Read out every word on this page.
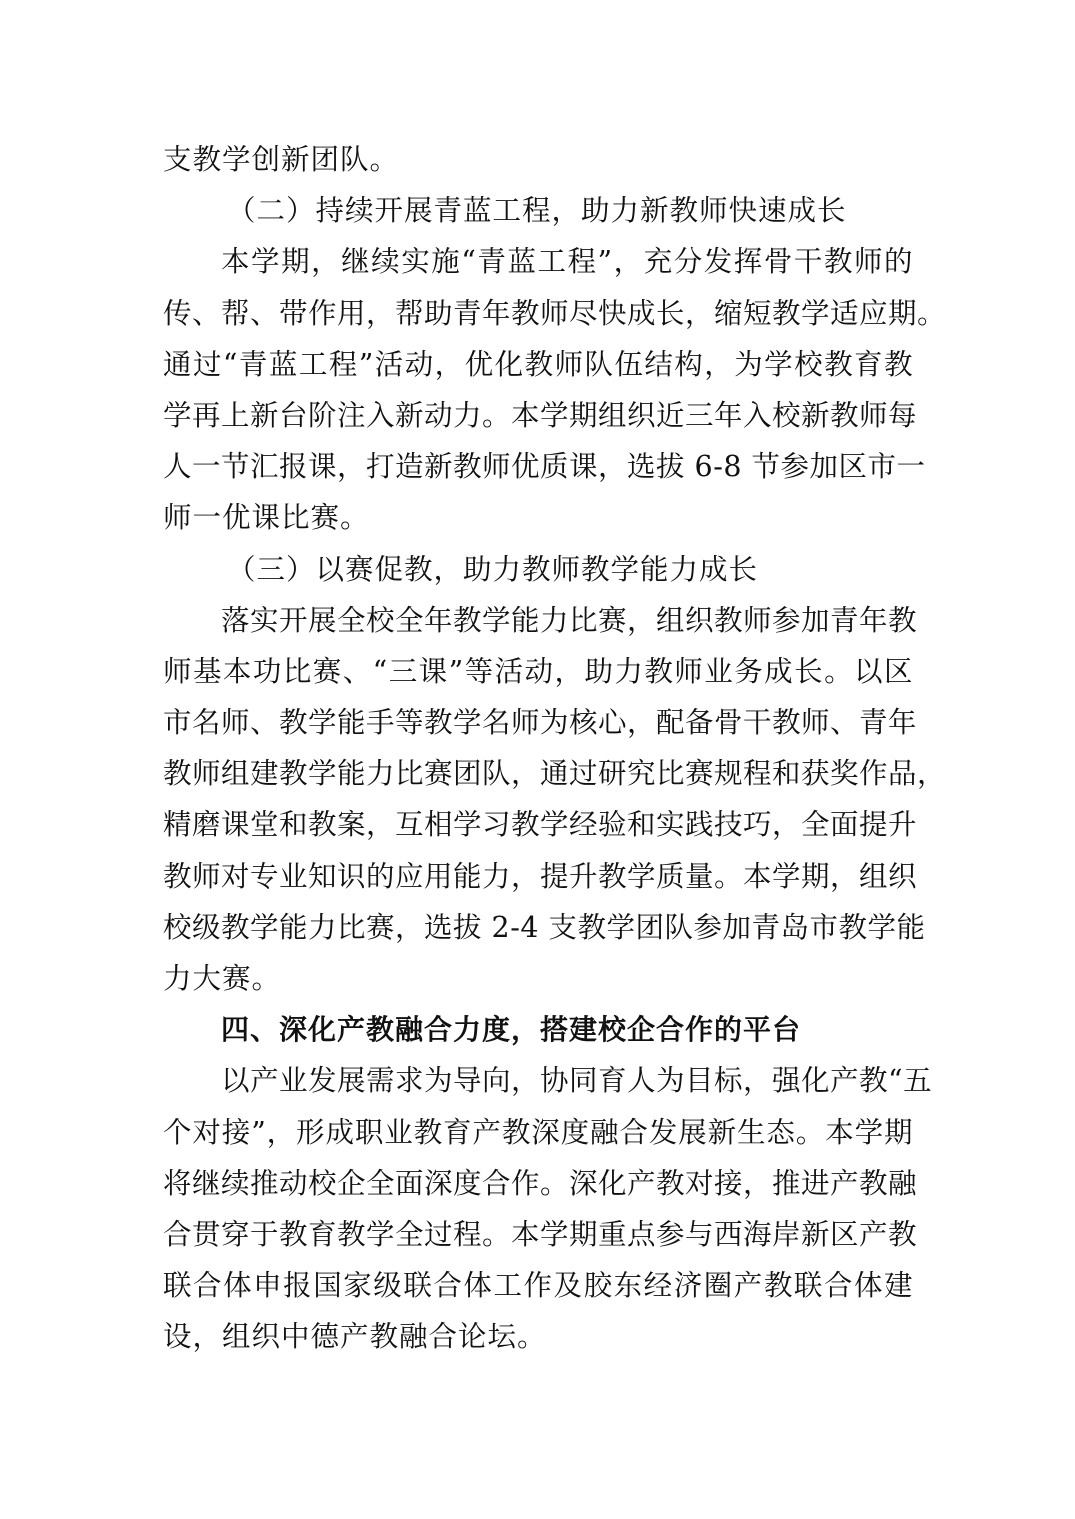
支教学创新团队。
（二）持续开展青蓝工程，助力新教师快速成长
本学期，继续实施“青蓝工程”，充分发挥骨干教师的
传、帮、带作用，帮助青年教师尽快成长，缩短教学适应期。
通过“青蓝工程”活动，优化教师队伍结构，为学校教育教
学再上新台阶注入新动力。本学期组织近三年入校新教师每
人一节汇报课，打造新教师优质课，选拔 6-8 节参加区市一
师一优课比赛。
（三）以赛促教，助力教师教学能力成长
落实开展全校全年教学能力比赛，组织教师参加青年教
师基本功比赛、“三课”等活动，助力教师业务成长。以区
市名师、教学能手等教学名师为核心，配备骨干教师、青年
教师组建教学能力比赛团队，通过研究比赛规程和获奖作品，
精磨课堂和教案，互相学习教学经验和实践技巧，全面提升
教师对专业知识的应用能力，提升教学质量。本学期，组织
校级教学能力比赛，选拔 2-4 支教学团队参加青岛市教学能
力大赛。
四、深化产教融合力度，搭建校企合作的平台
以产业发展需求为导向，协同育人为目标，强化产教“五
个对接”，形成职业教育产教深度融合发展新生态。本学期
将继续推动校企全面深度合作。深化产教对接，推进产教融
合贯穿于教育教学全过程。本学期重点参与西海岸新区产教
联合体申报国家级联合体工作及胶东经济圈产教联合体建
设，组织中德产教融合论坛。
